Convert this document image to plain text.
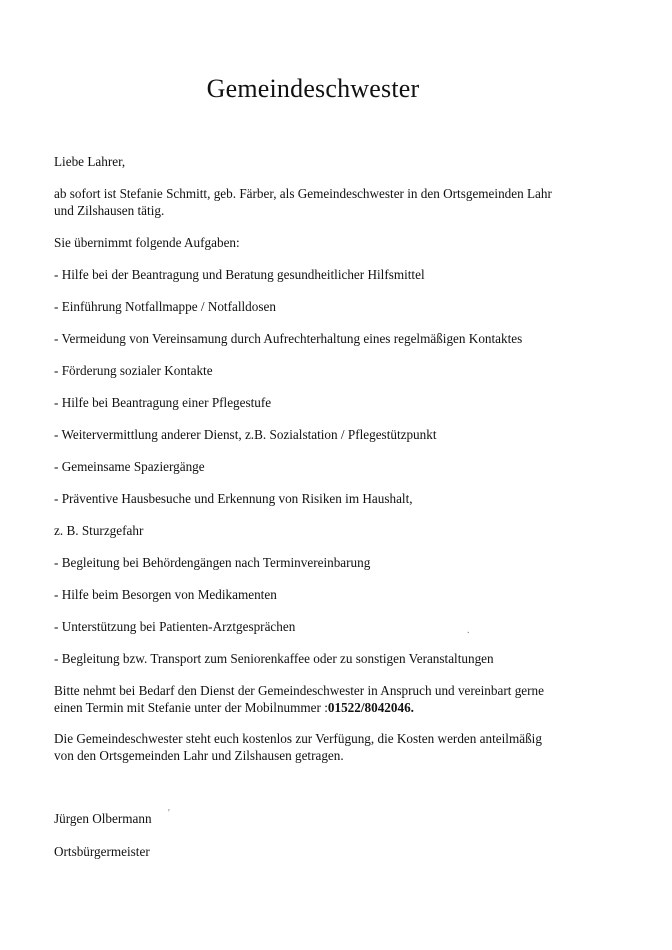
Gemeindeschwester
Liebe Lahrer,
ab sofort ist Stefanie Schmitt, geb. Färber, als Gemeindeschwester in den Ortsgemeinden Lahr
und Zilshausen tätig.
Sie übernimmt folgende Aufgaben:
- Hilfe bei der Beantragung und Beratung gesundheitlicher Hilfsmittel
- Einführung Notfallmappe / Notfalldosen
- Vermeidung von Vereinsamung durch Aufrechterhaltung eines regelmäßigen Kontaktes
- Förderung sozialer Kontakte
- Hilfe bei Beantragung einer Pflegestufe
- Weitervermittlung anderer Dienst, z.B. Sozialstation / Pflegestützpunkt
- Gemeinsame Spaziergänge
- Präventive Hausbesuche und Erkennung von Risiken im Haushalt,
z. B. Sturzgefahr
- Begleitung bei Behördengängen nach Terminvereinbarung
- Hilfe beim Besorgen von Medikamenten
- Unterstützung bei Patienten-Arztgesprächen
- Begleitung bzw. Transport zum Seniorenkaffee oder zu sonstigen Veranstaltungen
Bitte nehmt bei Bedarf den Dienst der Gemeindeschwester in Anspruch und vereinbart gerne
einen Termin mit Stefanie unter der Mobilnummer :01522/8042046.
Die Gemeindeschwester steht euch kostenlos zur Verfügung, die Kosten werden anteilmäßig
von den Ortsgemeinden Lahr und Zilshausen getragen.
Jürgen Olbermann
Ortsbürgermeister
'
.
